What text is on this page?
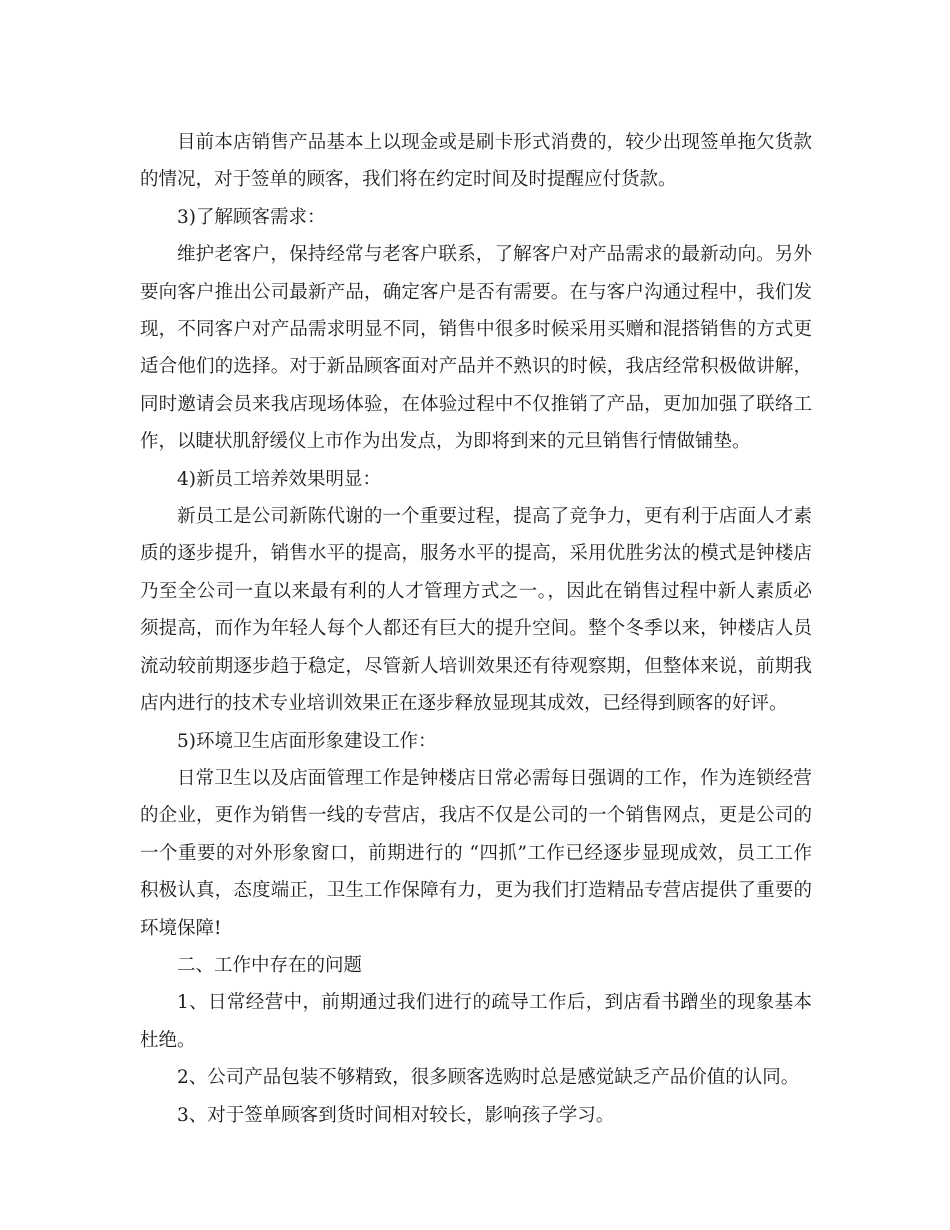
目前本店销售产品基本上以现金或是刷卡形式消费的，较少出现签单拖欠货款的情况，对于签单的顾客，我们将在约定时间及时提醒应付货款。

3)了解顾客需求：

维护老客户，保持经常与老客户联系，了解客户对产品需求的最新动向。另外要向客户推出公司最新产品，确定客户是否有需要。在与客户沟通过程中，我们发现，不同客户对产品需求明显不同，销售中很多时候采用买赠和混搭销售的方式更适合他们的选择。对于新品顾客面对产品并不熟识的时候，我店经常积极做讲解，同时邀请会员来我店现场体验，在体验过程中不仅推销了产品，更加加强了联络工作，以睫状肌舒缓仪上市作为出发点，为即将到来的元旦销售行情做铺垫。

4)新员工培养效果明显：

新员工是公司新陈代谢的一个重要过程，提高了竞争力，更有利于店面人才素质的逐步提升，销售水平的提高，服务水平的提高，采用优胜劣汰的模式是钟楼店乃至全公司一直以来最有利的人才管理方式之一。，因此在销售过程中新人素质必须提高，而作为年轻人每个人都还有巨大的提升空间。整个冬季以来，钟楼店人员流动较前期逐步趋于稳定，尽管新人培训效果还有待观察期，但整体来说，前期我店内进行的技术专业培训效果正在逐步释放显现其成效，已经得到顾客的好评。

5)环境卫生店面形象建设工作：

日常卫生以及店面管理工作是钟楼店日常必需每日强调的工作，作为连锁经营的企业，更作为销售一线的专营店，我店不仅是公司的一个销售网点，更是公司的一个重要的对外形象窗口，前期进行的 “四抓”工作已经逐步显现成效，员工工作积极认真，态度端正，卫生工作保障有力，更为我们打造精品专营店提供了重要的环境保障!

二、工作中存在的问题

1、日常经营中，前期通过我们进行的疏导工作后，到店看书蹭坐的现象基本杜绝。

2、公司产品包装不够精致，很多顾客选购时总是感觉缺乏产品价值的认同。

3、对于签单顾客到货时间相对较长，影响孩子学习。
